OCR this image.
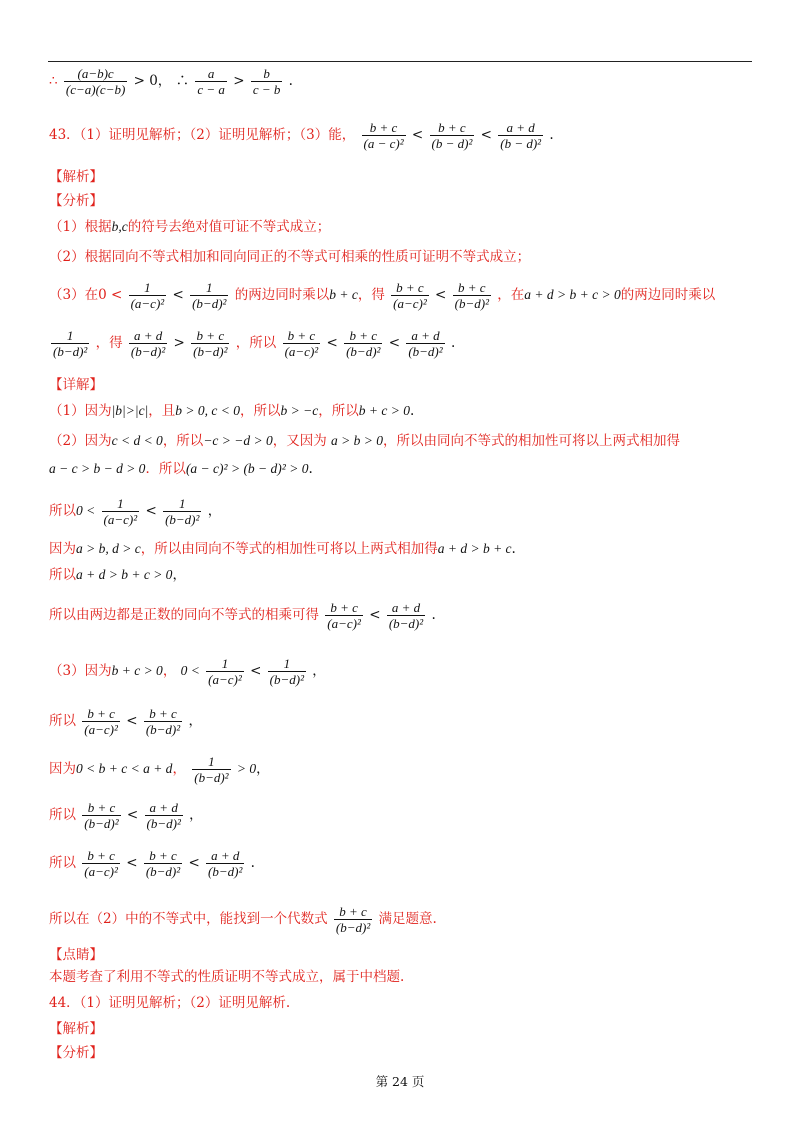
∴ $\frac{(a-b)c}{(c-a)(c-b)} > 0$， ∴ $\frac{a}{c - a} > \frac{b}{c - b}$ .
43．（1）证明见解析；（2）证明见解析；（3）能， $\frac{b + c}{\text{(a − c)²}} < \frac{b + c}{\text{(b − d)²}} < \frac{a + d}{\text{(b − d)²}}$ .
【解析】
【分析】
（1）根据b,c的符号去绝对值可证不等式成立；
（2）根据同向不等式相加和同向同正的不等式可相乘的性质可证明不等式成立；
（3）在$0 < \frac{1}{\text{(a−c)²}} < \frac{1}{\text{(b−d)²}}$ 的两边同时乘以b + c，得 $\frac{b + c}{\text{(a−c)²}} < \frac{b + c}{\text{(b−d)²}}$ ，在a + d > b + c > 0的两边同时乘以
$\frac{1}{\text{(b−d)²}}$ ，得 $\frac{a + d}{\text{(b−d)²}} > \frac{b + c}{\text{(b−d)²}}$ ，所以 $\frac{b + c}{\text{(a−c)²}} < \frac{b + c}{\text{(b−d)²}} < \frac{a + d}{\text{(b−d)²}}$ .
【详解】
（1）因为|b|>|c|，且b > 0, c < 0，所以b > −c，所以b + c > 0.
（2）因为c < d < 0，所以−c > −d > 0，又因为 a > b > 0，所以由同向不等式的相加性可将以上两式相加得
a − c > b − d > 0．所以(a − c)² > (b − d)² > 0.
所以$0 < \frac{1}{\text{(a−c)²}} < \frac{1}{\text{(b−d)²}}$ ，
因为a > b, d > c，所以由同向不等式的相加性可将以上两式相加得a + d > b + c.
所以a + d > b + c > 0，
所以由两边都是正数的同向不等式的相乘可得 $\frac{b + c}{\text{(a−c)²}} < \frac{a + d}{\text{(b−d)²}}$ .
（3）因为b + c > 0， $0 < \frac{1}{\text{(a−c)²}} < \frac{1}{\text{(b−d)²}}$ ，
所以 $\frac{b + c}{\text{(a−c)²}} < \frac{b + c}{\text{(b−d)²}}$ ，
因为0 < b + c < a + d， $\frac{1}{\text{(b−d)²}} > 0$，
所以 $\frac{b + c}{\text{(b−d)²}} < \frac{a + d}{\text{(b−d)²}}$ ，
所以 $\frac{b + c}{\text{(a−c)²}} < \frac{b + c}{\text{(b−d)²}} < \frac{a + d}{\text{(b−d)²}}$ .
所以在（2）中的不等式中，能找到一个代数式 $\frac{b + c}{\text{(b−d)²}}$ 满足题意.
【点睛】
本题考查了利用不等式的性质证明不等式成立，属于中档题.
44．（1）证明见解析；（2）证明见解析.
【解析】
【分析】
第 24 页
